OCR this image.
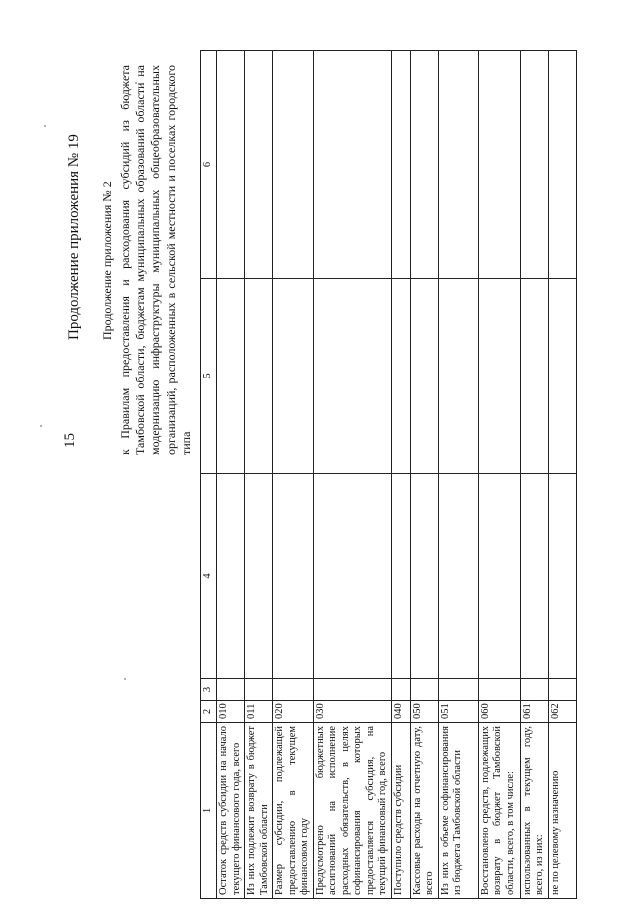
15
Продолжение приложения № 19 Продолжение приложения № 2 к Правилам предоставления и расходования субсидий из бюджета Тамбовской области, бюджетам муниципальных образований области на модернизацию инфраструктуры муниципальных общеобразовательных организаций, расположенных в сельской местности и поселках городского типа
1	2	3	4	5	6
Остаток средств субсидии на начало текущего финансового года, всего	010				
Из них подлежит возврату в бюджет Тамбовской области	011				
Размер субсидии, подлежащей предоставлению в текущем финансовом году	020				
Предусмотрено бюджетных ассигнований на исполнение расходных обязательств, в целях софинансирования которых предоставляется субсидия, на текущий финансовый год, всего	030				
Поступило средств субсидии	040				
Кассовые расходы на отчетную дату, всего	050				
Из них в объеме софинансирования из бюджета Тамбовской области	051				
Восстановлено средств, подлежащих возврату в бюджет Тамбовской области, всего, в том числе:	060				
использованных в текущем году, всего, из них:	061				
не по целевому назначению	062				
